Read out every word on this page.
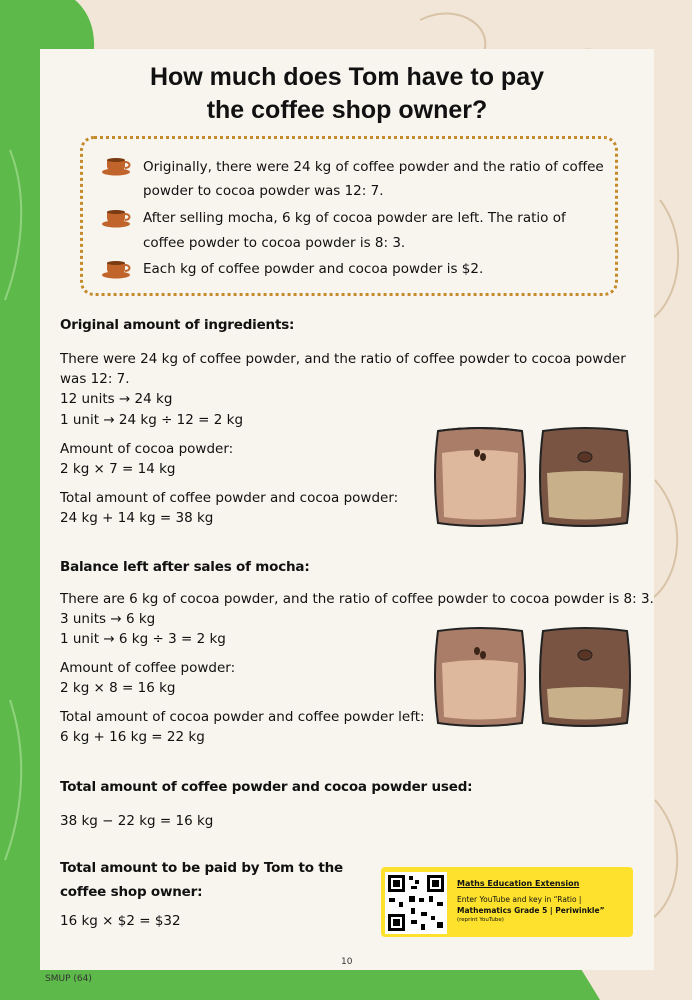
How much does Tom have to pay
the coffee shop owner?
Originally, there were 24 kg of coffee powder and the ratio of coffee
powder to cocoa powder was 12: 7.
After selling mocha, 6 kg of cocoa powder are left. The ratio of
coffee powder to cocoa powder is 8: 3.
Each kg of coffee powder and cocoa powder is $2.
Original amount of ingredients:
There were 24 kg of coffee powder, and the ratio of coffee powder to cocoa powder
was 12: 7.
12 units → 24 kg
1 unit → 24 kg ÷ 12 = 2 kg
Amount of cocoa powder:
2 kg × 7 = 14 kg
Total amount of coffee powder and cocoa powder:
24 kg + 14 kg = 38 kg
Balance left after sales of mocha:
There are 6 kg of cocoa powder, and the ratio of coffee powder to cocoa powder is 8: 3.
3 units → 6 kg
1 unit → 6 kg ÷ 3 = 2 kg
Amount of coffee powder:
2 kg × 8 = 16 kg
Total amount of cocoa powder and coffee powder left:
6 kg + 16 kg = 22 kg
Total amount of coffee powder and cocoa powder used:
38 kg − 22 kg = 16 kg
Total amount to be paid by Tom to the
coffee shop owner:
16 kg × $2 = $32
Maths Education Extension
Enter YouTube and key in “Ratio |
Mathematics Grade 5 | Periwinkle”
(reprint YouTube)
SMUP (64)
10
